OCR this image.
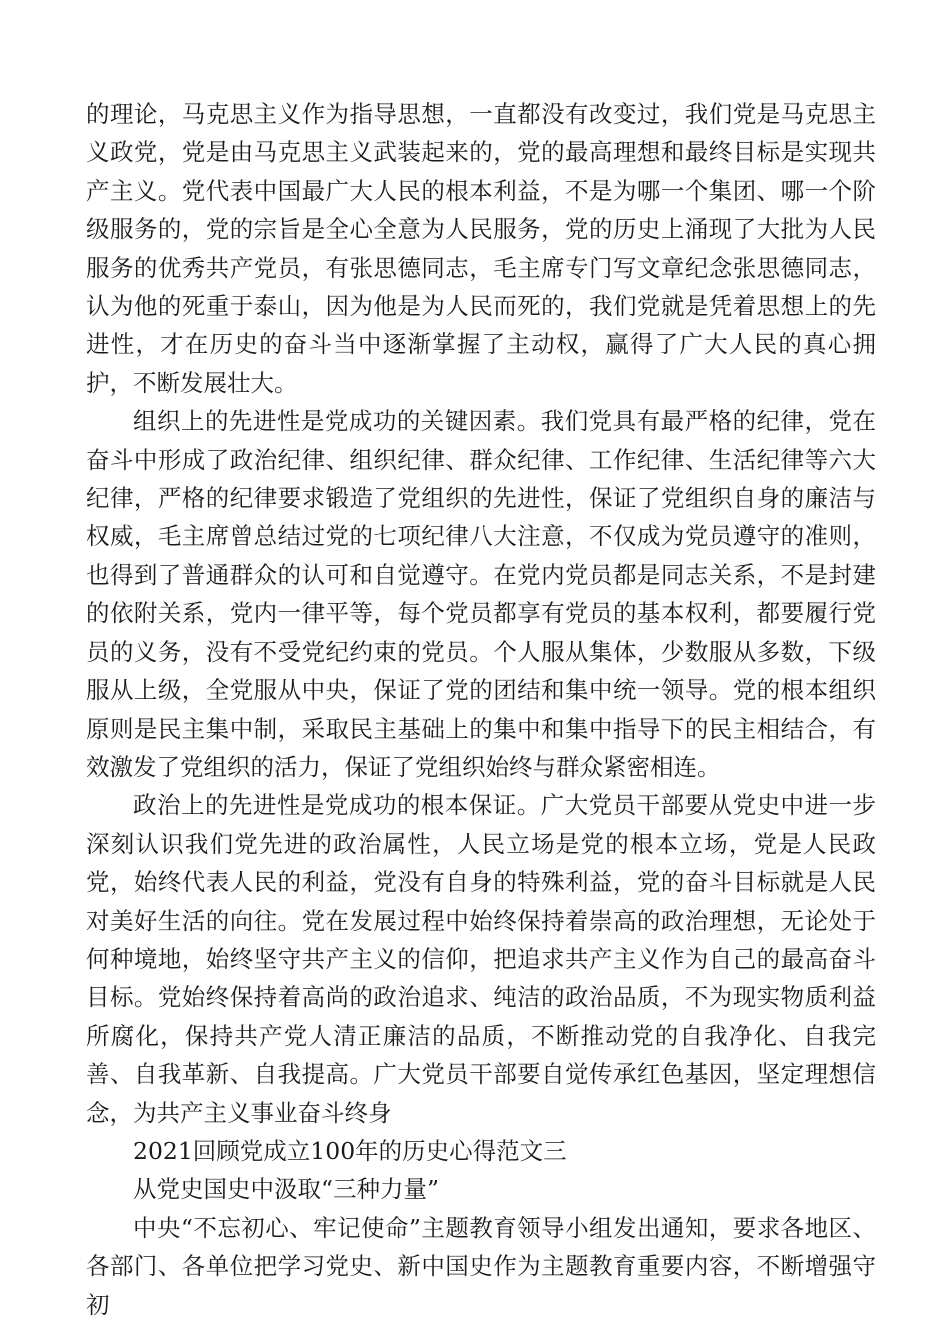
的理论，马克思主义作为指导思想，一直都没有改变过，我们党是马克思主义政党，党是由马克思主义武装起来的，党的最高理想和最终目标是实现共产主义。党代表中国最广大人民的根本利益，不是为哪一个集团、哪一个阶级服务的，党的宗旨是全心全意为人民服务，党的历史上涌现了大批为人民服务的优秀共产党员，有张思德同志，毛主席专门写文章纪念张思德同志，认为他的死重于泰山，因为他是为人民而死的，我们党就是凭着思想上的先进性，才在历史的奋斗当中逐渐掌握了主动权，赢得了广大人民的真心拥护，不断发展壮大。

组织上的先进性是党成功的关键因素。我们党具有最严格的纪律，党在奋斗中形成了政治纪律、组织纪律、群众纪律、工作纪律、生活纪律等六大纪律，严格的纪律要求锻造了党组织的先进性，保证了党组织自身的廉洁与权威，毛主席曾总结过党的七项纪律八大注意，不仅成为党员遵守的准则，也得到了普通群众的认可和自觉遵守。在党内党员都是同志关系，不是封建的依附关系，党内一律平等，每个党员都享有党员的基本权利，都要履行党员的义务，没有不受党纪约束的党员。个人服从集体，少数服从多数，下级服从上级，全党服从中央，保证了党的团结和集中统一领导。党的根本组织原则是民主集中制，采取民主基础上的集中和集中指导下的民主相结合，有效激发了党组织的活力，保证了党组织始终与群众紧密相连。

政治上的先进性是党成功的根本保证。广大党员干部要从党史中进一步深刻认识我们党先进的政治属性，人民立场是党的根本立场，党是人民政党，始终代表人民的利益，党没有自身的特殊利益，党的奋斗目标就是人民对美好生活的向往。党在发展过程中始终保持着崇高的政治理想，无论处于何种境地，始终坚守共产主义的信仰，把追求共产主义作为自己的最高奋斗目标。党始终保持着高尚的政治追求、纯洁的政治品质，不为现实物质利益所腐化，保持共产党人清正廉洁的品质，不断推动党的自我净化、自我完善、自我革新、自我提高。广大党员干部要自觉传承红色基因，坚定理想信念，为共产主义事业奋斗终身

2021回顾党成立100年的历史心得范文三

从党史国史中汲取“三种力量”

中央“不忘初心、牢记使命”主题教育领导小组发出通知，要求各地区、各部门、各单位把学习党史、新中国史作为主题教育重要内容，不断增强守初
